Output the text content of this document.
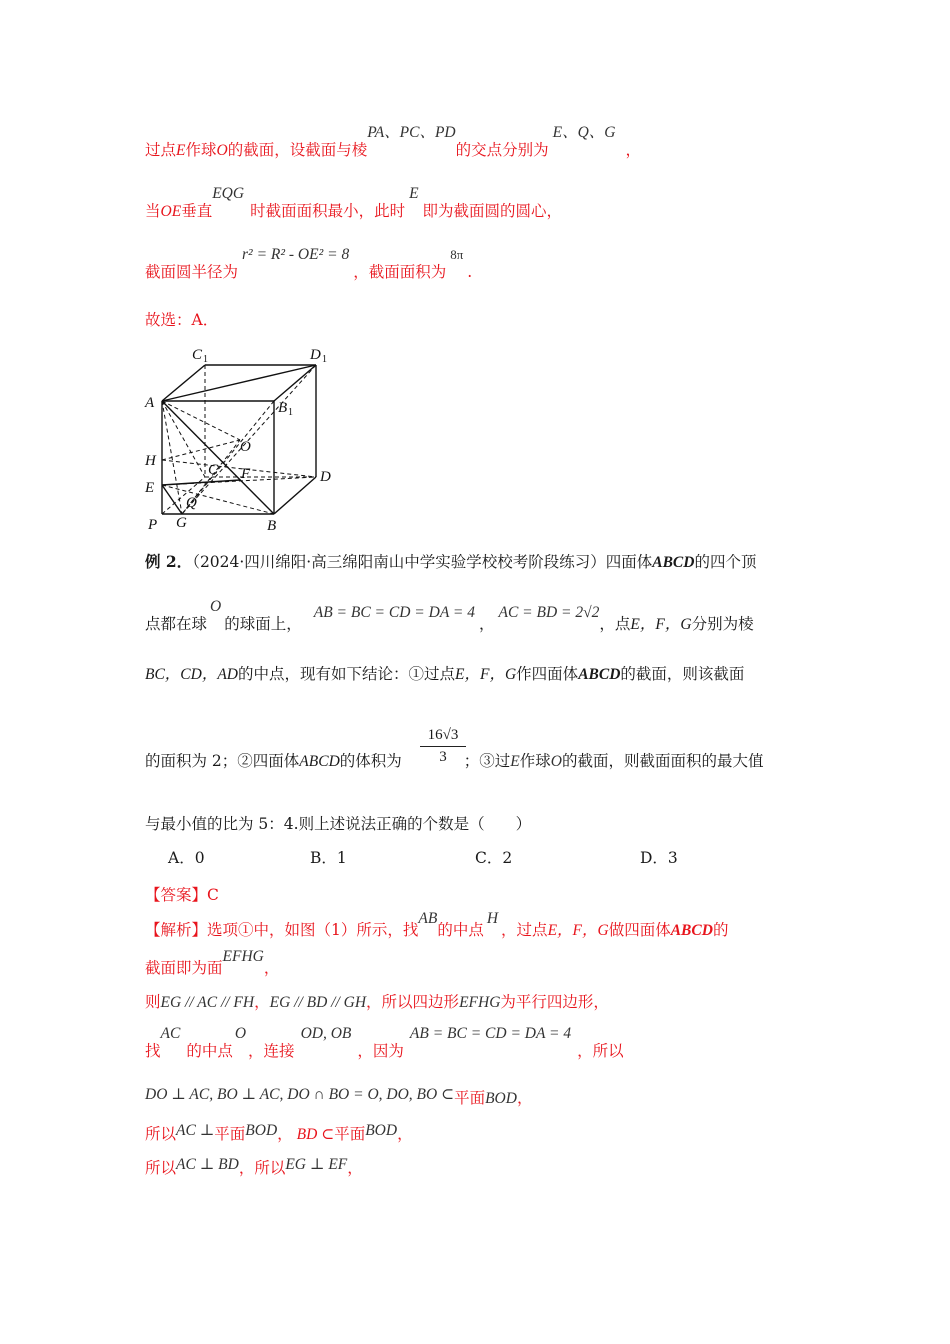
过点E作球O的截面，设截面与棱PA、PC、PD的交点分别为E、Q、G，
当OE垂直EQG时截面面积最小，此时E即为截面圆的圆心，
截面圆半径为r² = R² - OE² = 8，截面面积为$^{8\pi}$.
故选：A．
C 1	D 1
A	B 1
O
H
C F	D
E
Q
P G	B
例 2．（2024·四川绵阳·高三绵阳南山中学实验学校校考阶段练习）四面体ABCD的四个顶
点都在球O的球面上，AB = BC = CD = DA = 4，AC = BD = 2√2，点E，F，G分别为棱
BC，CD，AD的中点，现有如下结论：①过点E，F，G作四面体ABCD的截面，则该截面
的面积为 2；②四面体ABCD的体积为	；③过E作球O的截面，则截面面积的最大值
16√3
3
与最小值的比为 5：4.则上述说法正确的个数是（　　）
A．0	B．1	C．2	D．3
【答案】C
【解析】选项①中，如图（1）所示，找AB的中点H，过点E，F，G做四面体ABCD的
截面即为面EFHG，
则EG // AC // FH，EG // BD // GH，所以四边形EFHG为平行四边形，
找AC的中点O，连接OD, OB，因为AB = BC = CD = DA = 4，所以
DO ⊥ AC, BO ⊥ AC, DO ∩ BO = O, DO, BO ⊂平面BOD，
所以AC ⊥平面BOD， BD ⊂平面BOD，
所以AC ⊥ BD，所以EG ⊥ EF，
